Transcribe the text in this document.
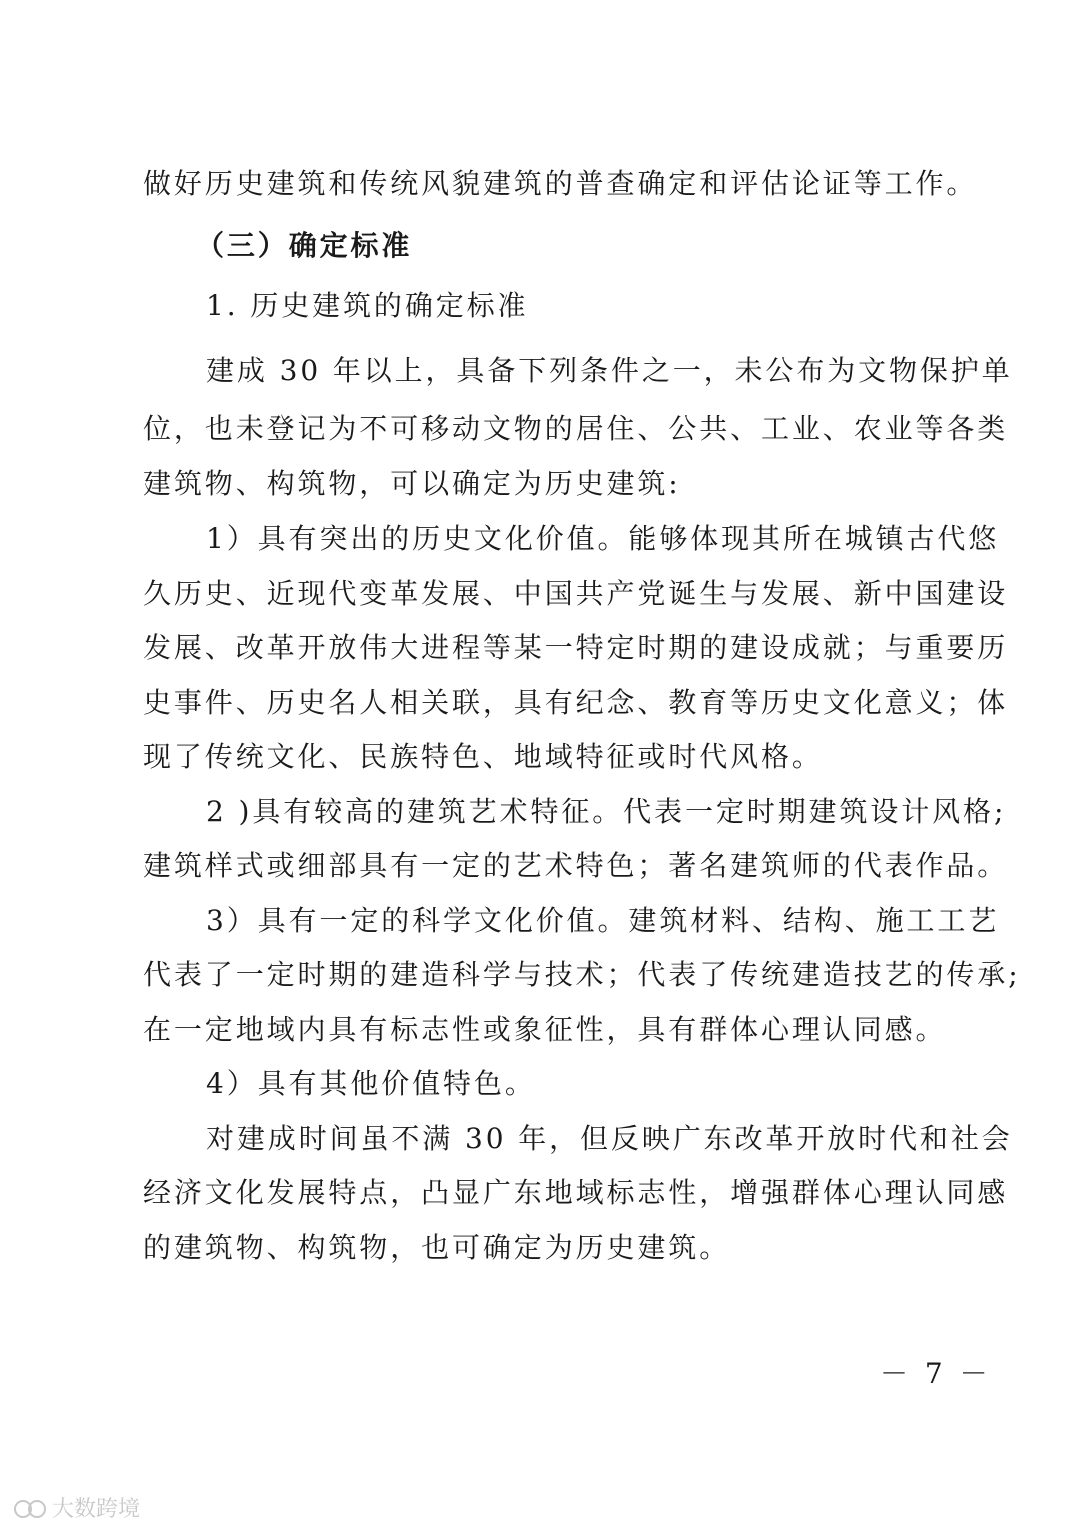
做好历史建筑和传统风貌建筑的普查确定和评估论证等工作。
（三）确定标准
1. 历史建筑的确定标准
建成 30 年以上，具备下列条件之一，未公布为文物保护单
位，也未登记为不可移动文物的居住、公共、工业、农业等各类
建筑物、构筑物，可以确定为历史建筑:
1）具有突出的历史文化价值。能够体现其所在城镇古代悠
久历史、近现代变革发展、中国共产党诞生与发展、新中国建设
发展、改革开放伟大进程等某一特定时期的建设成就；与重要历
史事件、历史名人相关联，具有纪念、教育等历史文化意义；体
现了传统文化、民族特色、地域特征或时代风格。
2 )具有较高的建筑艺术特征。代表一定时期建筑设计风格;
建筑样式或细部具有一定的艺术特色；著名建筑师的代表作品。
3）具有一定的科学文化价值。建筑材料、结构、施工工艺
代表了一定时期的建造科学与技术；代表了传统建造技艺的传承;
在一定地域内具有标志性或象征性，具有群体心理认同感。
4）具有其他价值特色。
对建成时间虽不满 30 年，但反映广东改革开放时代和社会
经济文化发展特点，凸显广东地域标志性，增强群体心理认同感
的建筑物、构筑物，也可确定为历史建筑。
－ 7 －
大数跨境
